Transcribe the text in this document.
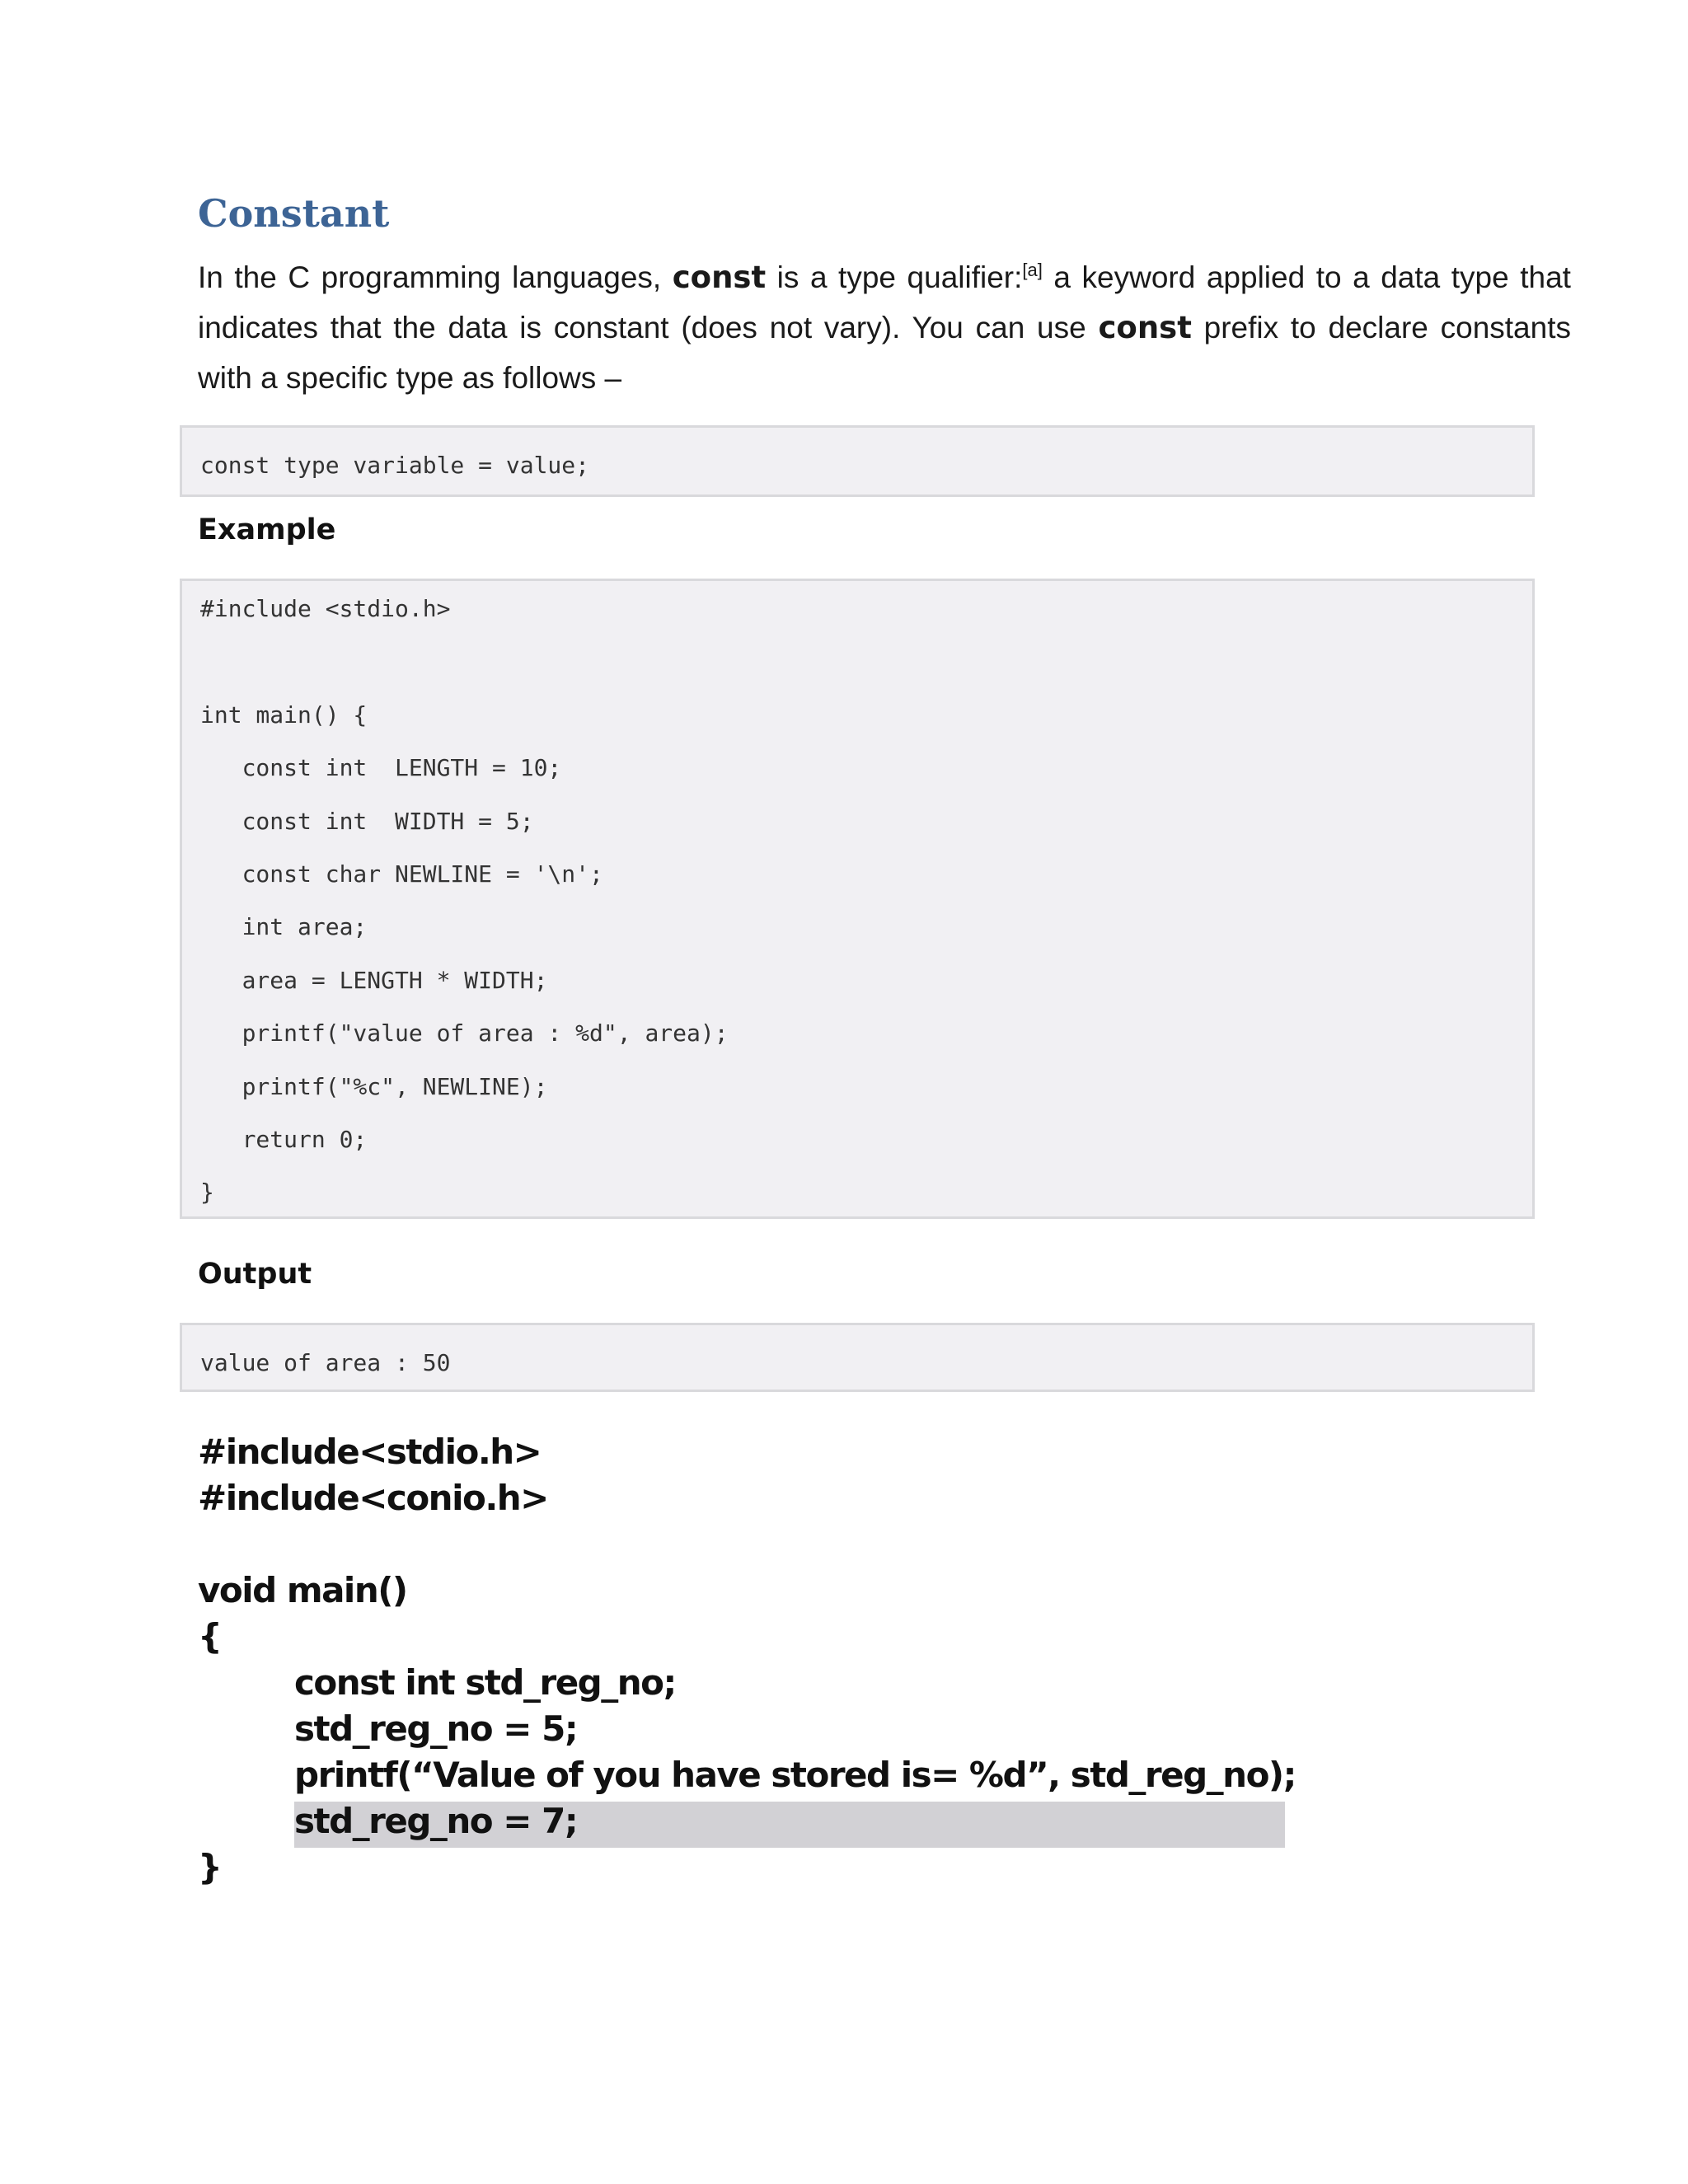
Constant

In the C programming languages, const is a type qualifier:[a] a keyword applied to a data type that indicates that the data is constant (does not vary). You can use const prefix to declare constants with a specific type as follows –

const type variable = value;
Example
#include <stdio.h>
int main() {
const int  LENGTH = 10;
const int  WIDTH = 5;
const char NEWLINE = '\n';
int area;
area = LENGTH * WIDTH;
printf("value of area : %d", area);
printf("%c", NEWLINE);
return 0;
}
Output
value of area : 50
#include<stdio.h>
#include<conio.h>
void main()
{
const int std_reg_no;
std_reg_no = 5;
printf(“Value of you have stored is= %d”, std_reg_no);
std_reg_no = 7;
}
